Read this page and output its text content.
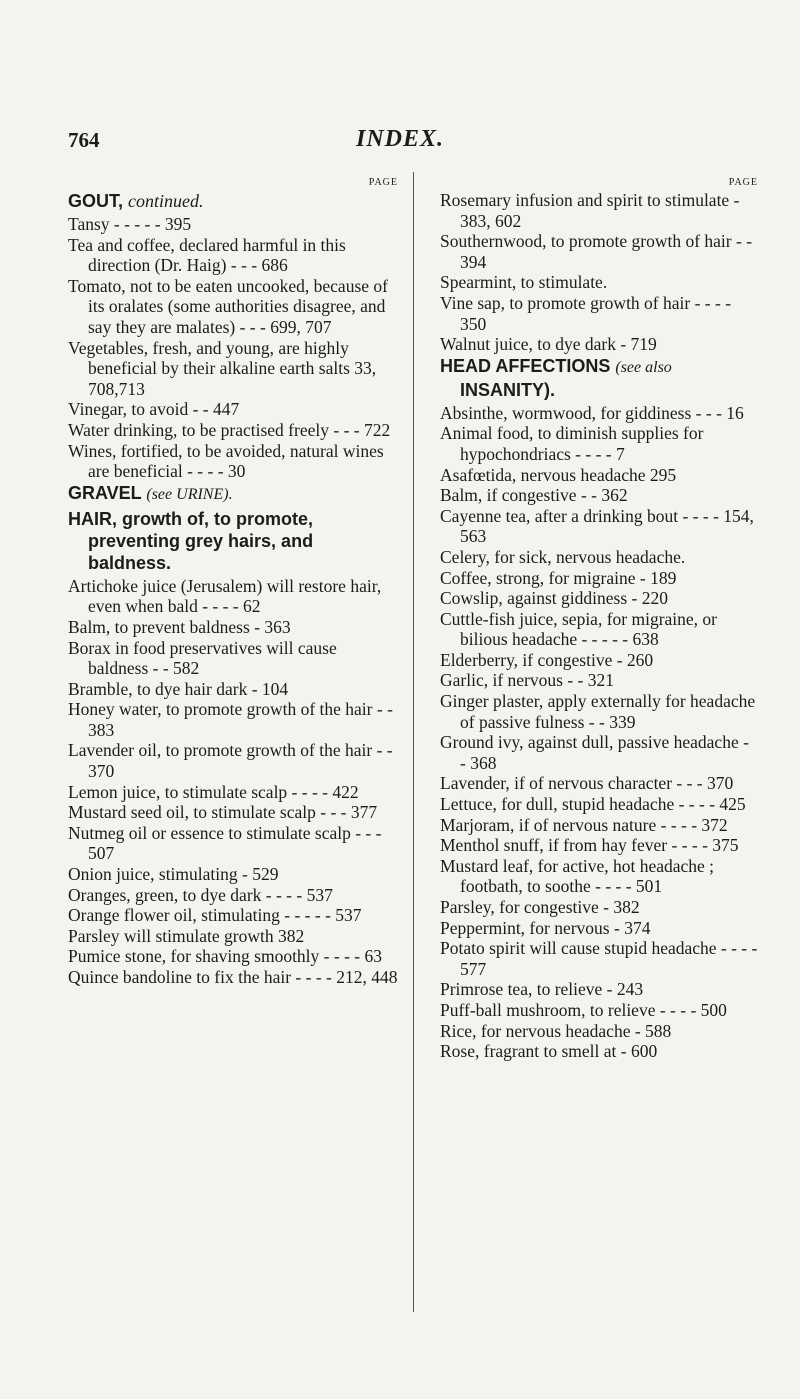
764	INDEX.
PAGE
GOUT, continued.
Tansy - - - - - 395
Tea and coffee, declared harmful in this direction (Dr. Haig) - - - 686
Tomato, not to be eaten uncooked, because of its oralates (some authorities disagree, and say they are malates) - - - 699, 707
Vegetables, fresh, and young, are highly beneficial by their alkaline earth salts 33, 708,713
Vinegar, to avoid - - 447
Water drinking, to be practised freely - - - 722
Wines, fortified, to be avoided, natural wines are beneficial - - - - 30
GRAVEL (see URINE).
HAIR, growth of, to promote,
preventing grey hairs, and baldness.
Artichoke juice (Jerusalem) will restore hair, even when bald - - - - 62
Balm, to prevent baldness - 363
Borax in food preservatives will cause baldness - - 582
Bramble, to dye hair dark - 104
Honey water, to promote growth of the hair - - 383
Lavender oil, to promote growth of the hair - - 370
Lemon juice, to stimulate scalp - - - - 422
Mustard seed oil, to stimulate scalp - - - 377
Nutmeg oil or essence to stimulate scalp - - - 507
Onion juice, stimulating - 529
Oranges, green, to dye dark - - - - 537
Orange flower oil, stimulating - - - - - 537
Parsley will stimulate growth 382
Pumice stone, for shaving smoothly - - - - 63
Quince bandoline to fix the hair - - - - 212, 448
PAGE
Rosemary infusion and spirit to stimulate - 383, 602
Southernwood, to promote growth of hair - - 394
Spearmint, to stimulate.
Vine sap, to promote growth of hair - - - - 350
Walnut juice, to dye dark - 719
HEAD AFFECTIONS (see also
INSANITY).
Absinthe, wormwood, for giddiness - - - 16
Animal food, to diminish supplies for hypochondriacs - - - - 7
Asafœtida, nervous headache 295
Balm, if congestive - - 362
Cayenne tea, after a drinking bout - - - - 154, 563
Celery, for sick, nervous headache.
Coffee, strong, for migraine - 189
Cowslip, against giddiness - 220
Cuttle-fish juice, sepia, for migraine, or bilious headache - - - - - 638
Elderberry, if congestive - 260
Garlic, if nervous - - 321
Ginger plaster, apply externally for headache of passive fulness - - 339
Ground ivy, against dull, passive headache - - 368
Lavender, if of nervous character - - - 370
Lettuce, for dull, stupid headache - - - - 425
Marjoram, if of nervous nature - - - - 372
Menthol snuff, if from hay fever - - - - 375
Mustard leaf, for active, hot headache ; footbath, to soothe - - - - 501
Parsley, for congestive - 382
Peppermint, for nervous - 374
Potato spirit will cause stupid headache - - - - 577
Primrose tea, to relieve - 243
Puff-ball mushroom, to relieve - - - - 500
Rice, for nervous headache - 588
Rose, fragrant to smell at - 600
